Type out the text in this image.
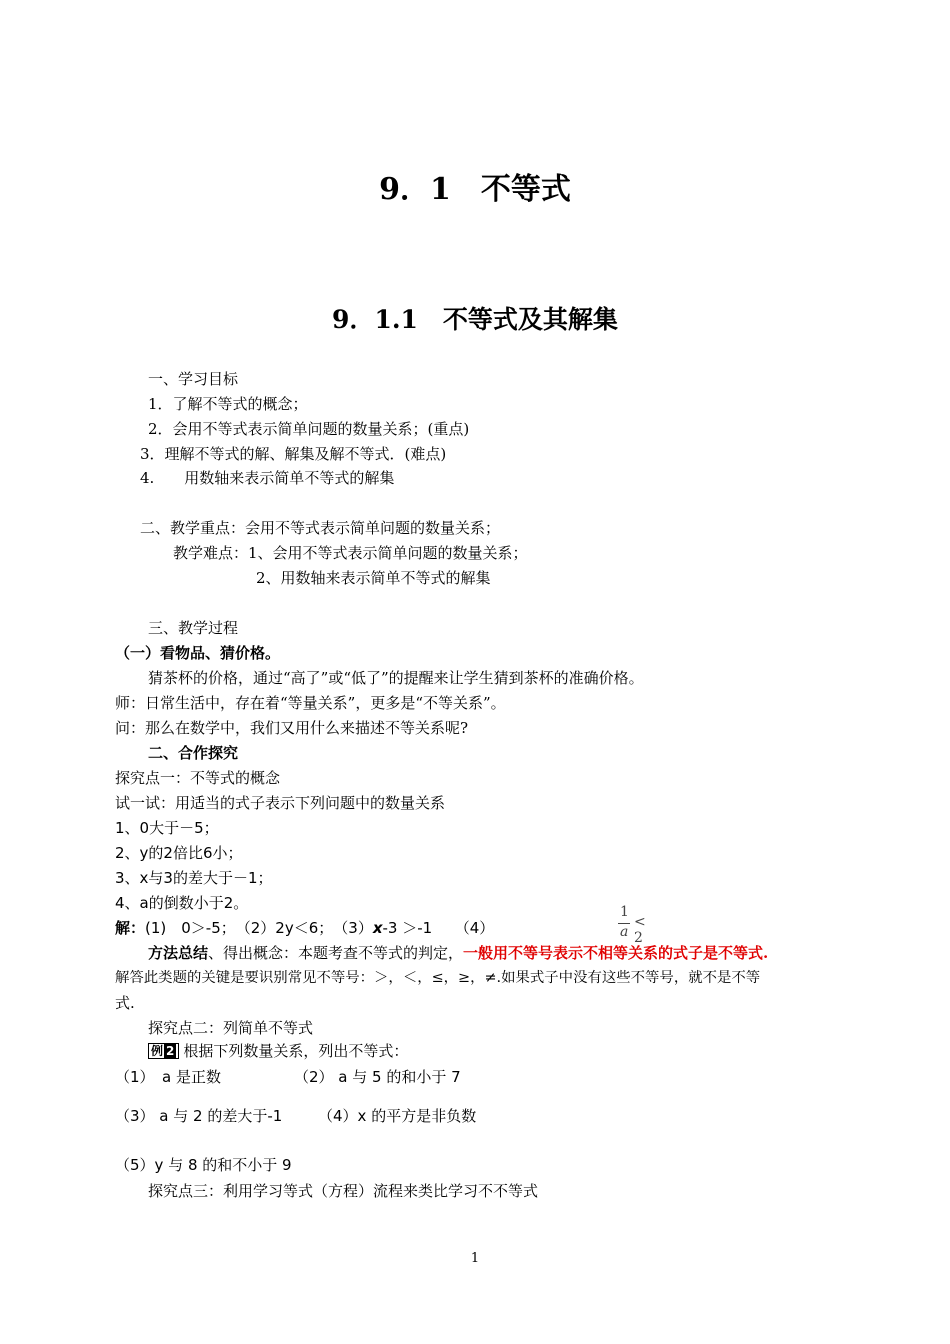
9．1　不等式
9．1.1　不等式及其解集
一、学习目标
1．了解不等式的概念；
2．会用不等式表示简单问题的数量关系；(重点)
3．理解不等式的解、解集及解不等式．(难点)
4.　　用数轴来表示简单不等式的解集
二、教学重点：会用不等式表示简单问题的数量关系；
教学难点：1、会用不等式表示简单问题的数量关系；
2、用数轴来表示简单不等式的解集
三、教学过程
（一）看物品、猜价格。
猜茶杯的价格，通过“高了”或“低了”的提醒来让学生猜到茶杯的准确价格。
师：日常生活中，存在着“等量关系”，更多是“不等关系”。
问：那么在数学中，我们又用什么来描述不等关系呢?
二、合作探究
探究点一：不等式的概念
试一试：用适当的式子表示下列问题中的数量关系
1、0大于－5；
2、y的2倍比6小；
3、x与3的差大于－1；
4、a的倒数小于2。
解：(1)　0＞-5；　（2）2y＜6；　（3）x-3 ＞-1　　（4）
1
a
< 2
方法总结、得出概念：本题考查不等式的判定，一般用不等号表示不相等关系的式子是不等式.
解答此类题的关键是要识别常见不等号：＞，＜，≤，≥，≠.如果式子中没有这些不等号，就不是不等
式.
探究点二：列简单不等式
例 2 根据下列数量关系，列出不等式：
（1）　a 是正数	（2） a 与 5 的和小于 7
（3） a 与 2 的差大于-1 （4）x 的平方是非负数
（5）y 与 8 的和不小于 9
探究点三：利用学习等式（方程）流程来类比学习不不等式
1
